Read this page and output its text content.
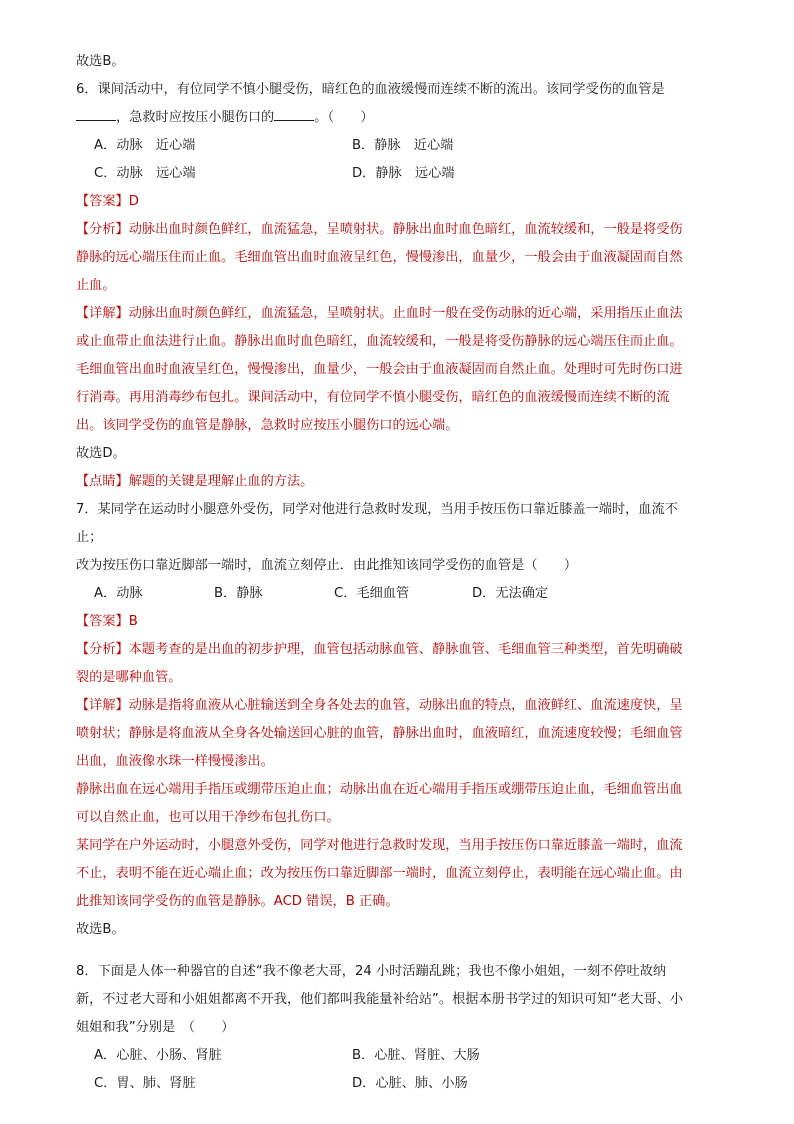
故选B。
6．课间活动中，有位同学不慎小腿受伤，暗红色的血液缓慢而连续不断的流出。该同学受伤的血管是
，急救时应按压小腿伤口的	。（　　）
A．动脉　近心端	B．静脉　近心端
C．动脉　远心端	D．静脉　远心端
【答案】D
【分析】动脉出血时颜色鲜红，血流猛急，呈喷射状。静脉出血时血色暗红，血流较缓和，一般是将受伤
静脉的远心端压住而止血。毛细血管出血时血液呈红色，慢慢渗出，血量少，一般会由于血液凝固而自然
止血。
【详解】动脉出血时颜色鲜红，血流猛急，呈喷射状。止血时一般在受伤动脉的近心端，采用指压止血法
或止血带止血法进行止血。静脉出血时血色暗红，血流较缓和，一般是将受伤静脉的远心端压住而止血。
毛细血管出血时血液呈红色，慢慢渗出，血量少，一般会由于血液凝固而自然止血。处理时可先时伤口进
行消毒。再用消毒纱布包扎。课间活动中，有位同学不慎小腿受伤，暗红色的血液缓慢而连续不断的流
出。该同学受伤的血管是静脉，急救时应按压小腿伤口的远心端。
故选D。
【点睛】解题的关键是理解止血的方法。
7．某同学在运动时小腿意外受伤，同学对他进行急救时发现，当用手按压伤口靠近膝盖一端时，血流不
止；
改为按压伤口靠近脚部一端时，血流立刻停止．由此推知该同学受伤的血管是（　　）
A．动脉	B．静脉	C．毛细血管	D．无法确定
【答案】B
【分析】本题考查的是出血的初步护理，血管包括动脉血管、静脉血管、毛细血管三种类型，首先明确破
裂的是哪种血管。
【详解】动脉是指将血液从心脏输送到全身各处去的血管，动脉出血的特点，血液鲜红、血流速度快，呈
喷射状；静脉是将血液从全身各处输送回心脏的血管，静脉出血时，血液暗红，血流速度较慢；毛细血管
出血，血液像水珠一样慢慢渗出。
静脉出血在远心端用手指压或绷带压迫止血；动脉出血在近心端用手指压或绷带压迫止血，毛细血管出血
可以自然止血，也可以用干净纱布包扎伤口。
某同学在户外运动时，小腿意外受伤，同学对他进行急救时发现，当用手按压伤口靠近膝盖一端时，血流
不止，表明不能在近心端止血；改为按压伤口靠近脚部一端时，血流立刻停止，表明能在远心端止血。由
此推知该同学受伤的血管是静脉。ACD 错误，B 正确。
故选B。
8．下面是人体一种器官的自述“我不像老大哥，24 小时活蹦乱跳；我也不像小姐姐，一刻不停吐故纳
新，不过老大哥和小姐姐都离不开我，他们都叫我能量补给站”。根据本册书学过的知识可知“老大哥、小
姐姐和我”分别是　（　　）
A．心脏、小肠、肾脏	B．心脏、肾脏、大肠
C．胃、肺、肾脏	D．心脏、肺、小肠
